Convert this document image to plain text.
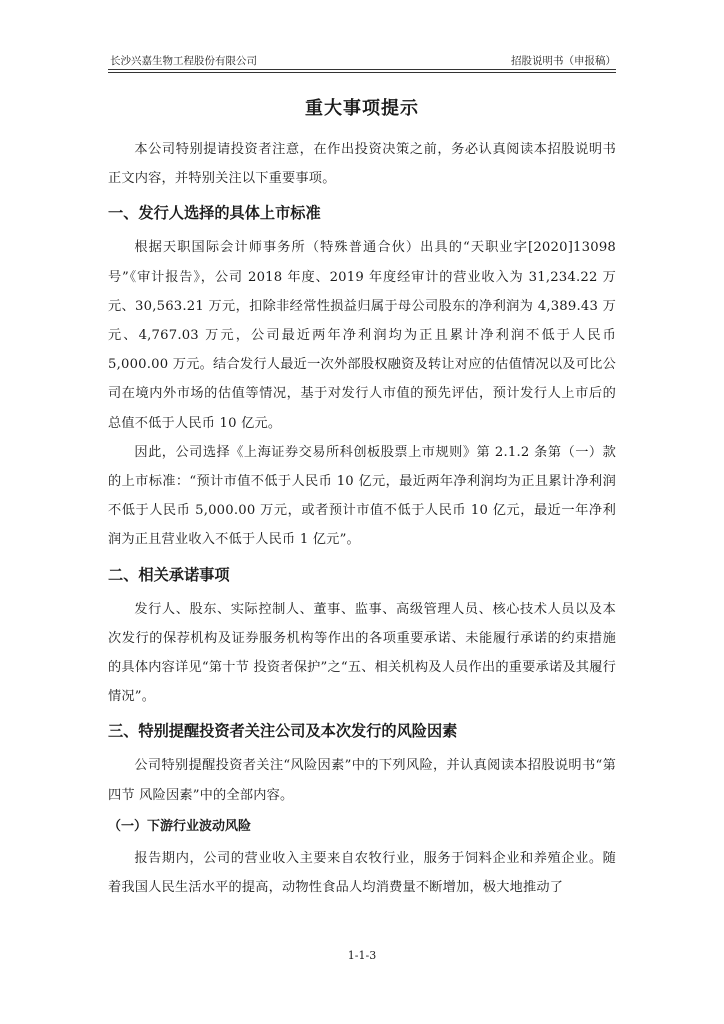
长沙兴嘉生物工程股份有限公司	招股说明书（申报稿）
重大事项提示

本公司特别提请投资者注意，在作出投资决策之前，务必认真阅读本招股说明书正文内容，并特别关注以下重要事项。

一、发行人选择的具体上市标准

根据天职国际会计师事务所（特殊普通合伙）出具的“天职业字[2020]13098号”《审计报告》，公司 2018 年度、2019 年度经审计的营业收入为 31,234.22 万元、30,563.21 万元，扣除非经常性损益归属于母公司股东的净利润为 4,389.43 万元、4,767.03 万元，公司最近两年净利润均为正且累计净利润不低于人民币 5,000.00 万元。结合发行人最近一次外部股权融资及转让对应的估值情况以及可比公司在境内外市场的估值等情况，基于对发行人市值的预先评估，预计发行人上市后的总值不低于人民币 10 亿元。

因此，公司选择《上海证券交易所科创板股票上市规则》第 2.1.2 条第（一）款的上市标准：“预计市值不低于人民币 10 亿元，最近两年净利润均为正且累计净利润不低于人民币 5,000.00 万元，或者预计市值不低于人民币 10 亿元，最近一年净利润为正且营业收入不低于人民币 1 亿元”。

二、相关承诺事项

发行人、股东、实际控制人、董事、监事、高级管理人员、核心技术人员以及本次发行的保荐机构及证券服务机构等作出的各项重要承诺、未能履行承诺的约束措施的具体内容详见“第十节 投资者保护”之“五、相关机构及人员作出的重要承诺及其履行情况”。

三、特别提醒投资者关注公司及本次发行的风险因素

公司特别提醒投资者关注“风险因素”中的下列风险，并认真阅读本招股说明书“第四节 风险因素”中的全部内容。

（一）下游行业波动风险

报告期内，公司的营业收入主要来自农牧行业，服务于饲料企业和养殖企业。随着我国人民生活水平的提高，动物性食品人均消费量不断增加，极大地推动了

1-1-3
